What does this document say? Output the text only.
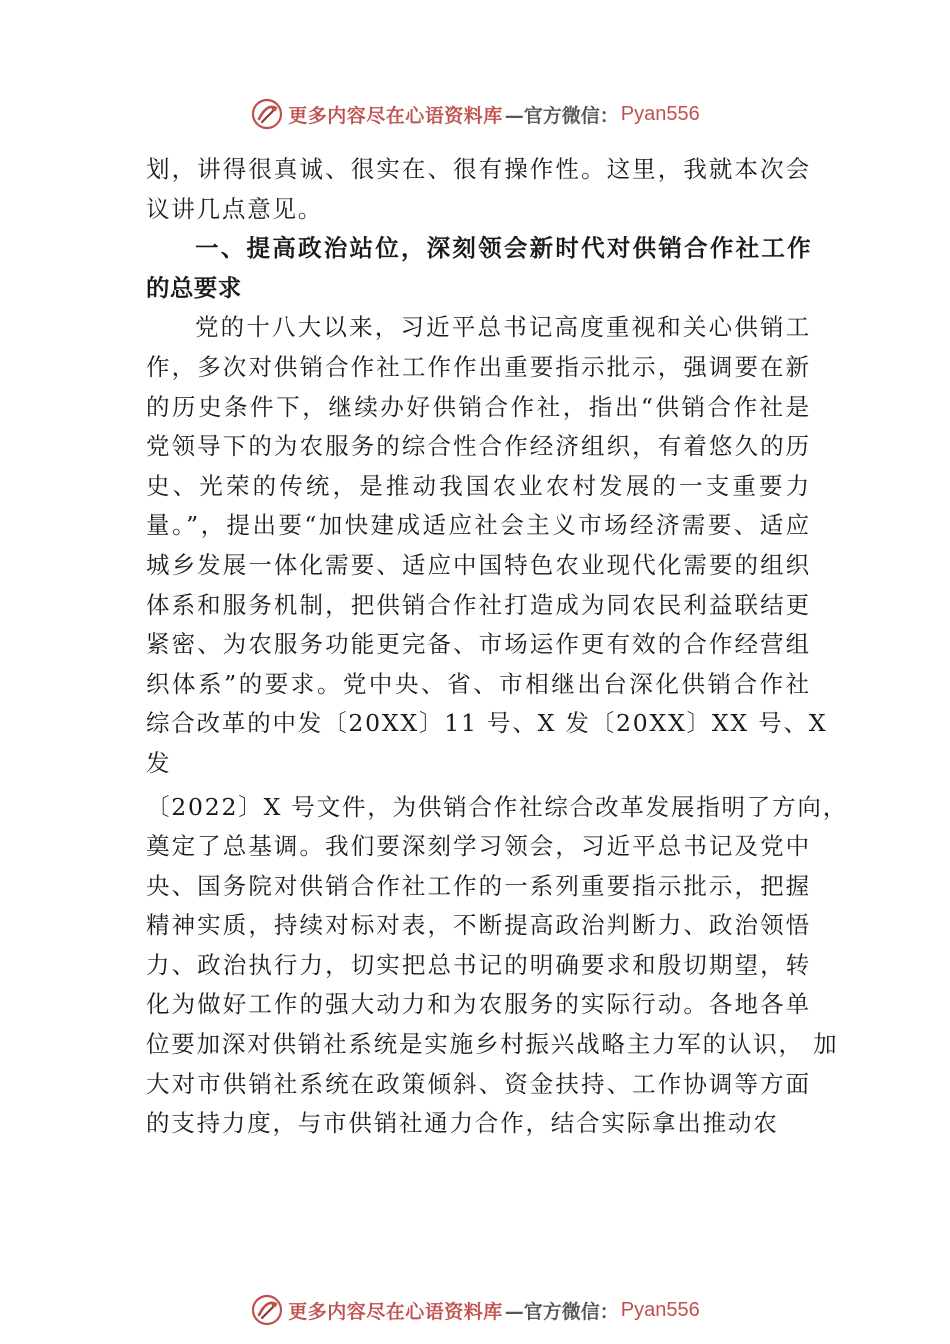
更多内容尽在心语资料库 —官方微信： Pyan556
划，讲得很真诚、很实在、很有操作性。这里，我就本次会
议讲几点意见。
一、提高政治站位，深刻领会新时代对供销合作社工作
的总要求
党的十八大以来，习近平总书记高度重视和关心供销工
作，多次对供销合作社工作作出重要指示批示，强调要在新
的历史条件下，继续办好供销合作社，指出“供销合作社是
党领导下的为农服务的综合性合作经济组织，有着悠久的历
史、光荣的传统，是推动我国农业农村发展的一支重要力
量。”，提出要“加快建成适应社会主义市场经济需要、适应
城乡发展一体化需要、适应中国特色农业现代化需要的组织
体系和服务机制，把供销合作社打造成为同农民利益联结更
紧密、为农服务功能更完备、市场运作更有效的合作经营组
织体系”的要求。党中央、省、市相继出台深化供销合作社
综合改革的中发〔20XX〕11 号、X 发〔20XX〕XX 号、X
发
〔2022〕X 号文件，为供销合作社综合改革发展指明了方向，
奠定了总基调。我们要深刻学习领会，习近平总书记及党中
央、国务院对供销合作社工作的一系列重要指示批示，把握
精神实质，持续对标对表，不断提高政治判断力、政治领悟
力、政治执行力，切实把总书记的明确要求和殷切期望，转
化为做好工作的强大动力和为农服务的实际行动。各地各单
位要加深对供销社系统是实施乡村振兴战略主力军的认识， 加
大对市供销社系统在政策倾斜、资金扶持、工作协调等方面
的支持力度，与市供销社通力合作，结合实际拿出推动农
更多内容尽在心语资料库 —官方微信： Pyan556
